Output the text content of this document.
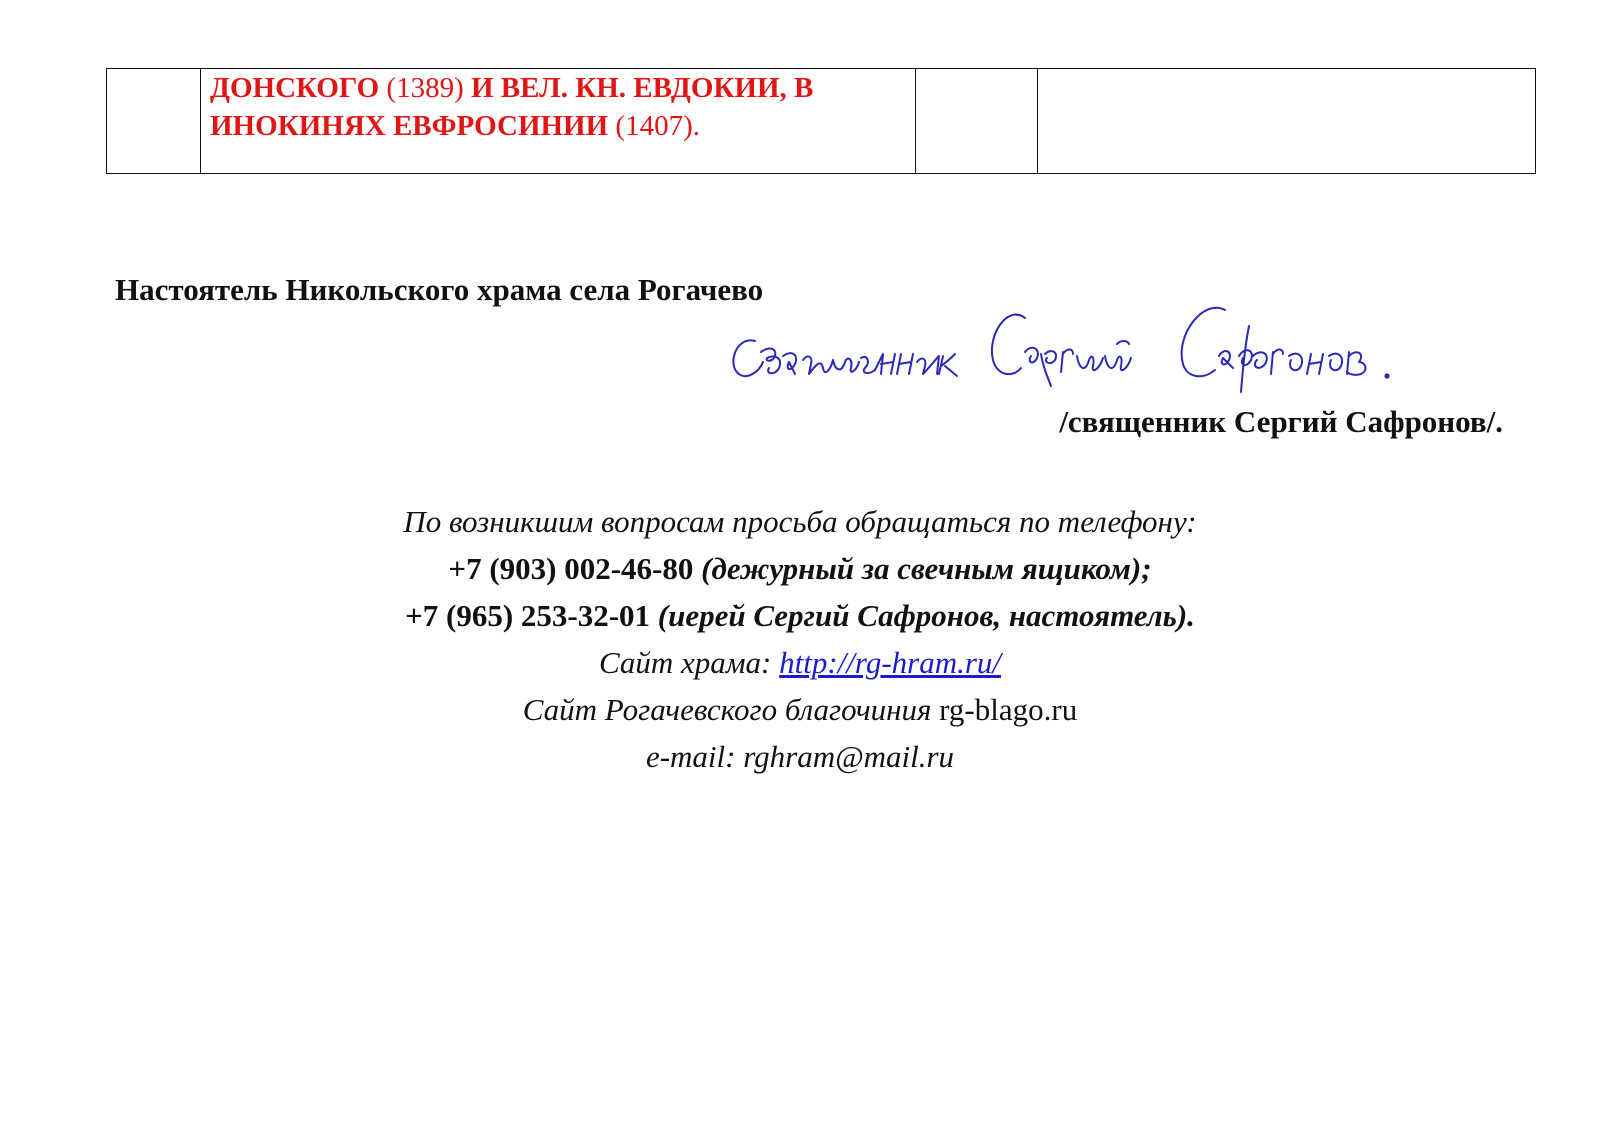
ДОНСКОГО (1389) И ВЕЛ. КН. ЕВДОКИИ, В ИНОКИНЯХ ЕВФРОСИНИИ (1407).

Настоятель Никольского храма села Рогачево
/священник Сергий Сафронов/.
По возникшим вопросам просьба обращаться по телефону:
+7 (903) 002-46-80 (дежурный за свечным ящиком);
+7 (965) 253-32-01 (иерей Сергий Сафронов, настоятель).
Сайт храма: http://rg-hram.ru/
Сайт Рогачевского благочиния rg-blago.ru
e-mail: rghram@mail.ru
